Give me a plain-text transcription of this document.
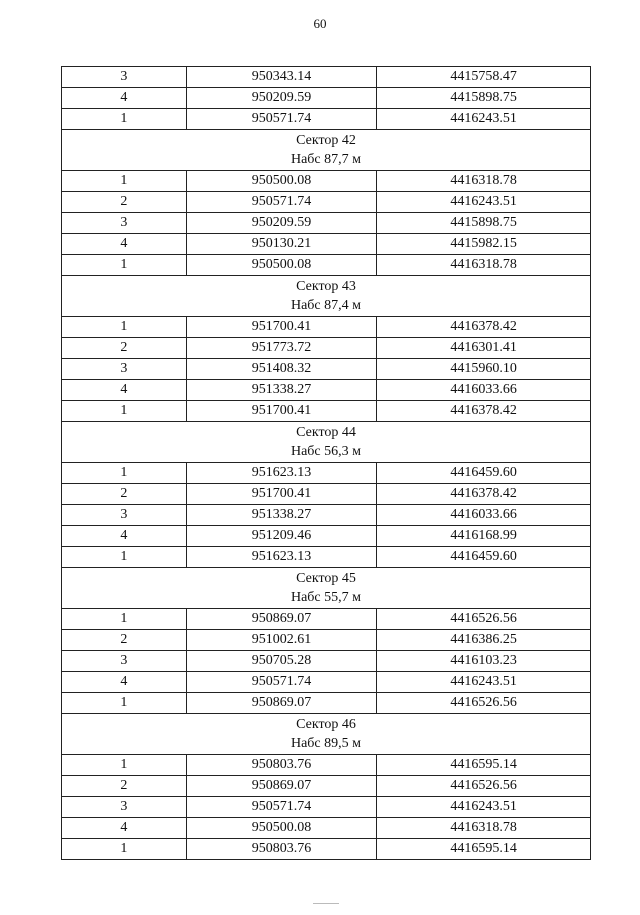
60
3	950343.14	4415758.47
4	950209.59	4415898.75
1	950571.74	4416243.51

Сектор 42
Набс 87,7 м		

1	950500.08	4416318.78
2	950571.74	4416243.51
3	950209.59	4415898.75
4	950130.21	4415982.15
1	950500.08	4416318.78

Сектор 43
Набс 87,4 м		

1	951700.41	4416378.42
2	951773.72	4416301.41
3	951408.32	4415960.10
4	951338.27	4416033.66
1	951700.41	4416378.42

Сектор 44
Набс 56,3 м		

1	951623.13	4416459.60
2	951700.41	4416378.42
3	951338.27	4416033.66
4	951209.46	4416168.99
1	951623.13	4416459.60

Сектор 45
Набс 55,7 м		

1	950869.07	4416526.56
2	951002.61	4416386.25
3	950705.28	4416103.23
4	950571.74	4416243.51
1	950869.07	4416526.56

Сектор 46
Набс 89,5 м		

1	950803.76	4416595.14
2	950869.07	4416526.56
3	950571.74	4416243.51
4	950500.08	4416318.78
1	950803.76	4416595.14
